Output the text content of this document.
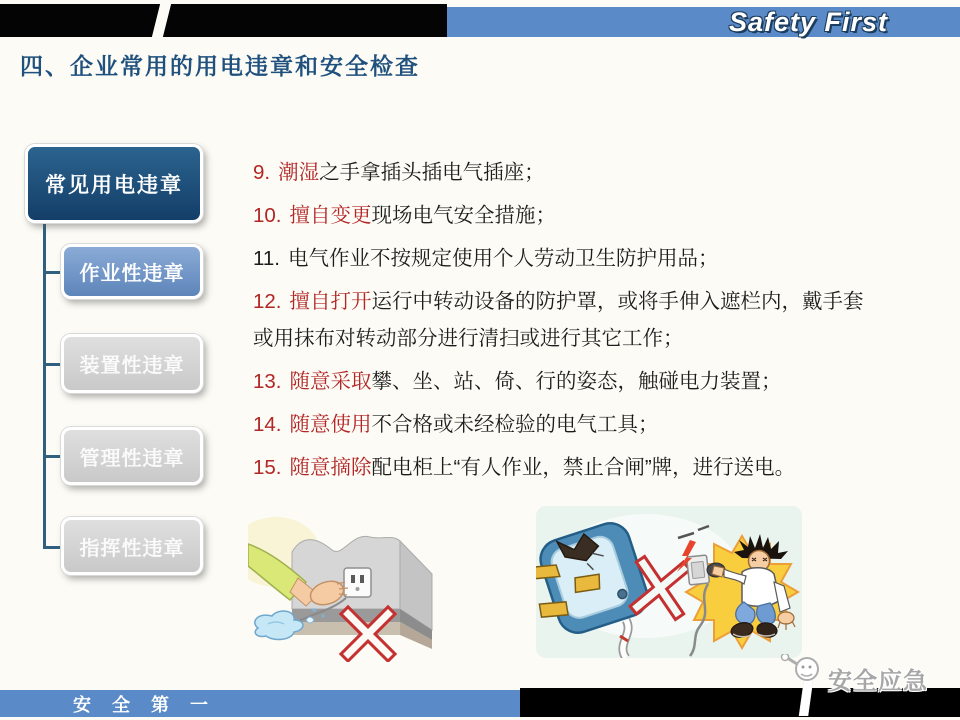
Safety First
四、企业常用的用电违章和安全检查
常见用电违章
作业性违章
装置性违章
管理性违章
指挥性违章

9. 潮湿之手拿插头插电气插座；

10. 擅自变更现场电气安全措施；

11. 电气作业不按规定使用个人劳动卫生防护用品；

12. 擅自打开运行中转动设备的防护罩，或将手伸入遮栏内，戴手套或用抹布对转动部分进行清扫或进行其它工作；

13. 随意采取攀、坐、站、倚、行的姿态，触碰电力装置；

14. 随意使用不合格或未经检验的电气工具；

15. 随意摘除配电柜上“有人作业，禁止合闸”牌，进行送电。

安 全 第 一
安全应急
